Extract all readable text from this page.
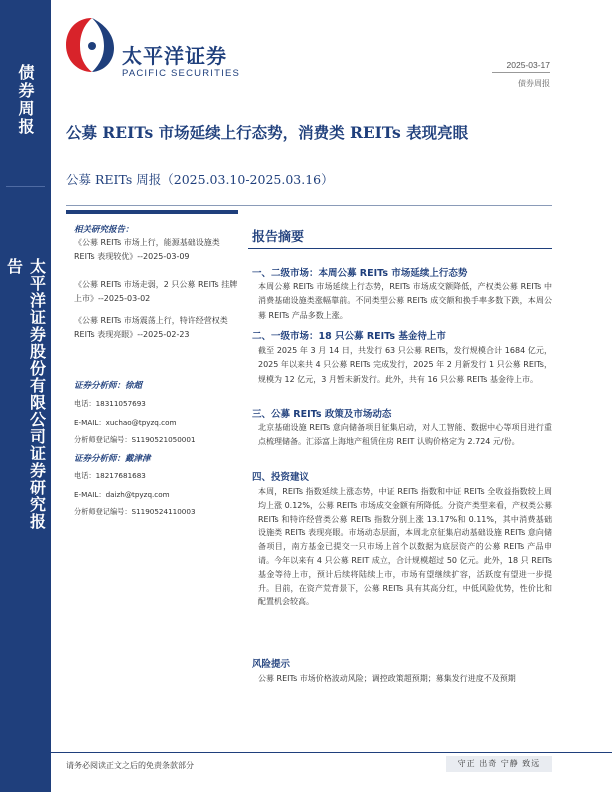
债券周报
太平洋证券股份有限公司证券研究报告
太平洋证券
PACIFIC SECURITIES
2025-03-17
债券周报
公募 REITs 市场延续上行态势，消费类 REITs 表现亮眼
公募 REITs 周报（2025.03.10-2025.03.16）
相关研究报告：
《公募 REITs 市场上行，能源基础设施类 REITs 表现较优》--2025-03-09
《公募 REITs 市场走弱，2 只公募 REITs 挂牌上市》--2025-03-02
《公募 REITs 市场震荡上行，特许经营权类 REITs 表现亮眼》--2025-02-23
证券分析师：徐超
电话：18311057693
E-MAIL：xuchao@tpyzq.com
分析师登记编号：S1190521050001
证券分析师：戴津津
电话：18217681683
E-MAIL：daizh@tpyzq.com
分析师登记编号：S1190524110003
报告摘要
一、二级市场：本周公募 REITs 市场延续上行态势
本周公募 REITs 市场延续上行态势，REITs 市场成交额降低，产权类公募 REITs 中消费基础设施类涨幅靠前。不同类型公募 REITs 成交额和换手率多数下跌，本周公募 REITs 产品多数上涨。
二、一级市场：18 只公募 REITs 基金待上市
截至 2025 年 3 月 14 日，共发行 63 只公募 REITs，发行规模合计 1684 亿元，2025 年以来共 4 只公募 REITs 完成发行，2025 年 2 月新发行 1 只公募 REITs，规模为 12 亿元，3 月暂未新发行。此外，共有 16 只公募 REITs 基金待上市。
三、公募 REITs 政策及市场动态
北京基础设施 REITs 意向储备项目征集启动，对人工智能、数据中心等项目进行重点梳理储备。汇添富上海地产租赁住房 REIT 认购价格定为 2.724 元/份。
四、投资建议
本周，REITs 指数延续上涨态势，中证 REITs 指数和中证 REITs 全收益指数较上周均上涨 0.12%，公募 REITs 市场成交金额有所降低。分资产类型来看，产权类公募 REITs 和特许经营类公募 REITs 指数分别上涨 13.17%和 0.11%，其中消费基础设施类 REITs 表现亮眼。市场动态层面，本周北京征集启动基础设施 REITs 意向储备项目，南方基金已提交一只市场上首个以数据为底层资产的公募 REITs 产品申请。今年以来有 4 只公募 REIT 成立，合计规模超过 50 亿元。此外，18 只 REITs 基金等待上市，预计后续将陆续上市，市场有望继续扩容，活跃度有望进一步提升。目前，在资产荒背景下，公募 REITs 具有其高分红，中低风险优势，性价比和配置机会较高。
风险提示
公募 REITs 市场价格波动风险；调控政策超预期；募集发行进度不及预期
请务必阅读正文之后的免责条款部分	守正 出奇 宁静 致远
